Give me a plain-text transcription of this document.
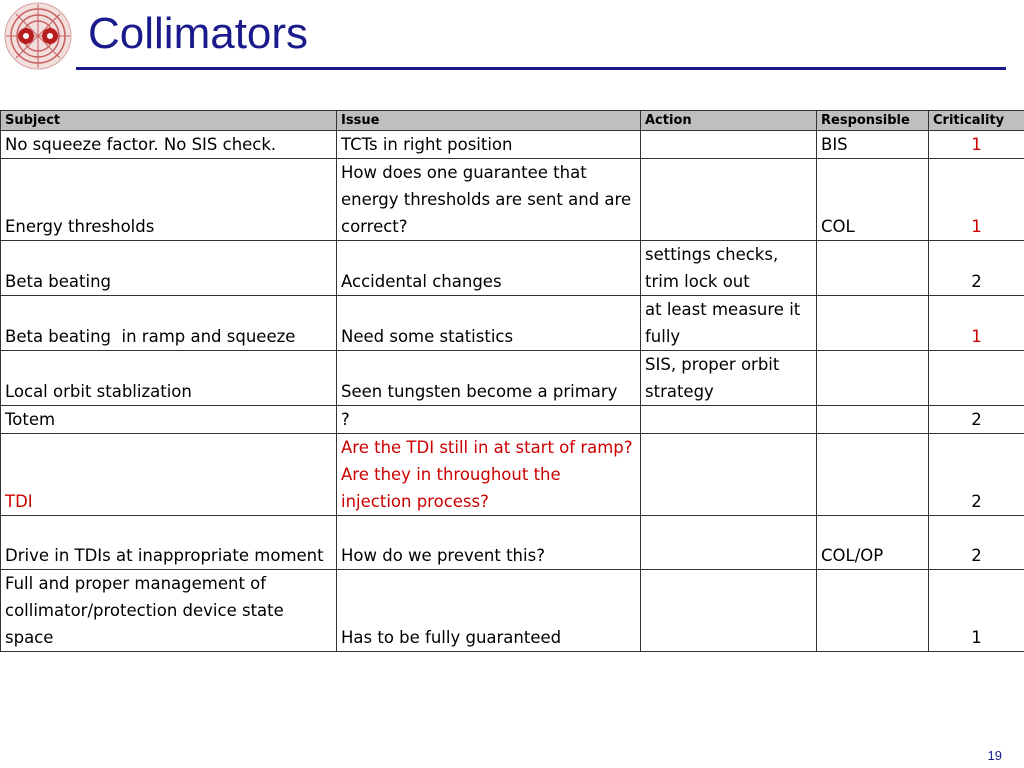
Collimators
Subject	Issue	Action	Responsible	Criticality
No squeeze factor. No SIS check.	TCTs in right position		BIS	1
Energy thresholds	How does one guarantee that energy thresholds are sent and are correct?		COL	1
Beta beating	Accidental changes	settings checks, trim lock out		2
Beta beating  in ramp and squeeze	Need some statistics	at least measure it fully		1
Local orbit stablization	Seen tungsten become a primary	SIS, proper orbit strategy		
Totem	?			2
TDI	Are the TDI still in at start of ramp? Are they in throughout the injection process?			2
Drive in TDIs at inappropriate moment	How do we prevent this?		COL/OP	2
Full and proper management of collimator/protection device state space	Has to be fully guaranteed			1
19
